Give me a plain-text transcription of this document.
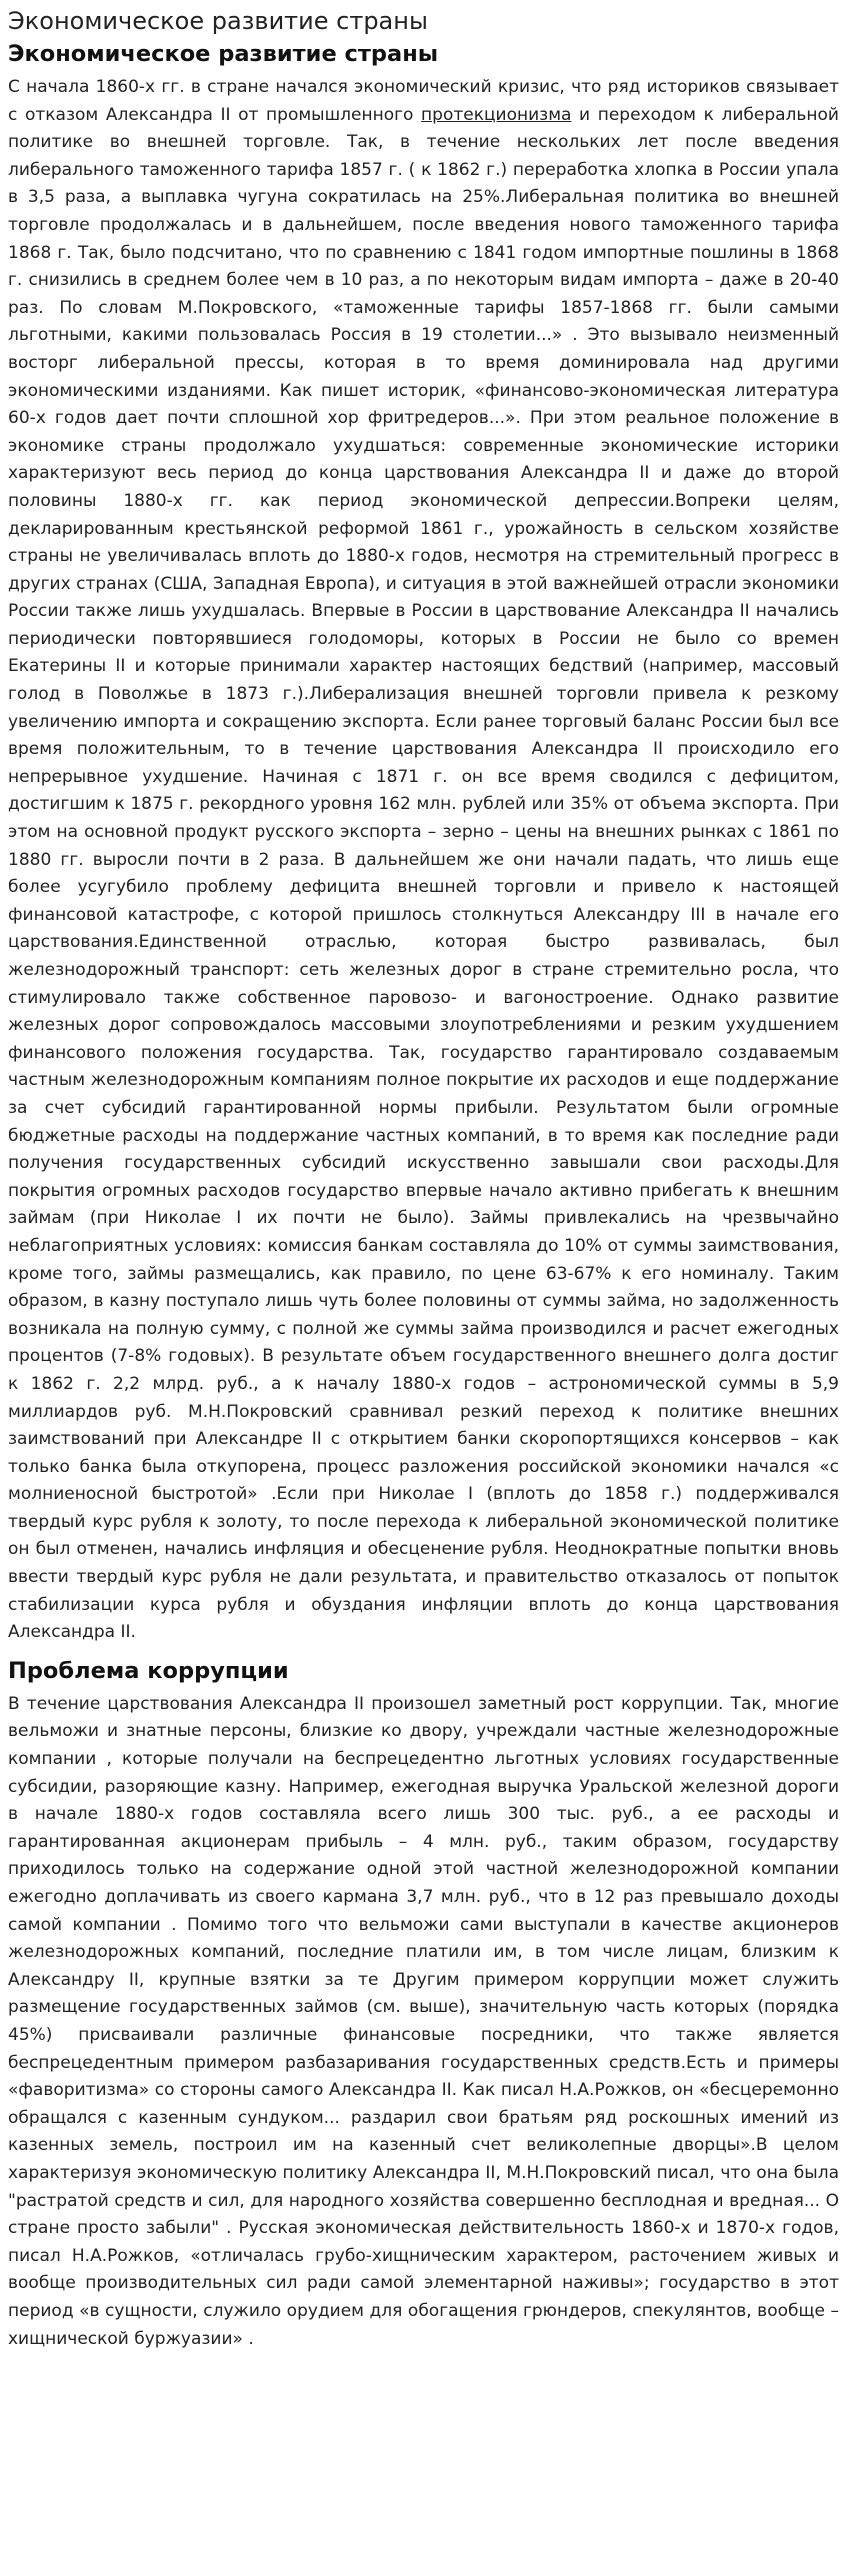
Экономическое развитие страны
Экономическое развитие страны

С начала 1860-х гг. в стране начался экономический кризис, что ряд историков связывает с отказом Александра II от промышленного протекционизма и переходом к либеральной политике во внешней торговле. Так, в течение нескольких лет после введения либерального таможенного тарифа 1857 г. ( к 1862 г.) переработка хлопка в России упала в 3,5 раза, а выплавка чугуна сократилась на 25%.Либеральная политика во внешней торговле продолжалась и в дальнейшем, после введения нового таможенного тарифа 1868 г. Так, было подсчитано, что по сравнению с 1841 годом импортные пошлины в 1868 г. снизились в среднем более чем в 10 раз, а по некоторым видам импорта – даже в 20-40 раз. По словам М.Покровского, «таможенные тарифы 1857-1868 гг. были самыми льготными, какими пользовалась Россия в 19 столетии...» . Это вызывало неизменный восторг либеральной прессы, которая в то время доминировала над другими экономическими изданиями. Как пишет историк, «финансово-экономическая литература 60-х годов дает почти сплошной хор фритредеров...». При этом реальное положение в экономике страны продолжало ухудшаться: современные экономические историки характеризуют весь период до конца царствования Александра II и даже до второй половины 1880-х гг. как период экономической депрессии.Вопреки целям, декларированным крестьянской реформой 1861 г., урожайность в сельском хозяйстве страны не увеличивалась вплоть до 1880-х годов, несмотря на стремительный прогресс в других странах (США, Западная Европа), и ситуация в этой важнейшей отрасли экономики России также лишь ухудшалась. Впервые в России в царствование Александра II начались периодически повторявшиеся голодоморы, которых в России не было со времен Екатерины II и которые принимали характер настоящих бедствий (например, массовый голод в Поволжье в 1873 г.).Либерализация внешней торговли привела к резкому увеличению импорта и сокращению экспорта. Если ранее торговый баланс России был все время положительным, то в течение царствования Александра II происходило его непрерывное ухудшение. Начиная с 1871 г. он все время сводился с дефицитом, достигшим к 1875 г. рекордного уровня 162 млн. рублей или 35% от объема экспорта. При этом на основной продукт русского экспорта – зерно – цены на внешних рынках с 1861 по 1880 гг. выросли почти в 2 раза. В дальнейшем же они начали падать, что лишь еще более усугубило проблему дефицита внешней торговли и привело к настоящей финансовой катастрофе, с которой пришлось столкнуться Александру III в начале его царствования.Единственной отраслью, которая быстро развивалась, был железнодорожный транспорт: сеть железных дорог в стране стремительно росла, что стимулировало также собственное паровозо- и вагоностроение. Однако развитие железных дорог сопровождалось массовыми злоупотреблениями и резким ухудшением финансового положения государства. Так, государство гарантировало создаваемым частным железнодорожным компаниям полное покрытие их расходов и еще поддержание за счет субсидий гарантированной нормы прибыли. Результатом были огромные бюджетные расходы на поддержание частных компаний, в то время как последние ради получения государственных субсидий искусственно завышали свои расходы.Для покрытия огромных расходов государство впервые начало активно прибегать к внешним займам (при Николае I их почти не было). Займы привлекались на чрезвычайно неблагоприятных условиях: комиссия банкам составляла до 10% от суммы заимствования, кроме того, займы размещались, как правило, по цене 63-67% к его номиналу. Таким образом, в казну поступало лишь чуть более половины от суммы займа, но задолженность возникала на полную сумму, с полной же суммы займа производился и расчет ежегодных процентов (7-8% годовых). В результате объем государственного внешнего долга достиг к 1862 г. 2,2 млрд. руб., а к началу 1880-х годов – астрономической суммы в 5,9 миллиардов руб. М.Н.Покровский сравнивал резкий переход к политике внешних заимствований при Александре II с открытием банки скоропортящихся консервов – как только банка была откупорена, процесс разложения российской экономики начался «с молниеносной быстротой» .Если при Николае I (вплоть до 1858 г.) поддерживался твердый курс рубля к золоту, то после перехода к либеральной экономической политике он был отменен, начались инфляция и обесценение рубля. Неоднократные попытки вновь ввести твердый курс рубля не дали результата, и правительство отказалось от попыток стабилизации курса рубля и обуздания инфляции вплоть до конца царствования Александра II.

Проблема коррупции

В течение царствования Александра II произошел заметный рост коррупции. Так, многие вельможи и знатные персоны, близкие ко двору, учреждали частные железнодорожные компании , которые получали на беспрецедентно льготных условиях государственные субсидии, разоряющие казну. Например, ежегодная выручка Уральской железной дороги в начале 1880-х годов составляла всего лишь 300 тыс. руб., а ее расходы и гарантированная акционерам прибыль – 4 млн. руб., таким образом, государству приходилось только на содержание одной этой частной железнодорожной компании ежегодно доплачивать из своего кармана 3,7 млн. руб., что в 12 раз превышало доходы самой компании . Помимо того что вельможи сами выступали в качестве акционеров железнодорожных компаний, последние платили им, в том числе лицам, близким к Александру II, крупные взятки за те Другим примером коррупции может служить размещение государственных займов (см. выше), значительную часть которых (порядка 45%) присваивали различные финансовые посредники, что также является беспрецедентным примером разбазаривания государственных средств.Есть и примеры «фаворитизма» со стороны самого Александра II. Как писал Н.А.Рожков, он «бесцеремонно обращался с казенным сундуком... раздарил свои братьям ряд роскошных имений из казенных земель, построил им на казенный счет великолепные дворцы».В целом характеризуя экономическую политику Александра II, М.Н.Покровский писал, что она была "растратой средств и сил, для народного хозяйства совершенно бесплодная и вредная... О стране просто забыли" . Русская экономическая действительность 1860-х и 1870-х годов, писал Н.А.Рожков, «отличалась грубо-хищническим характером, расточением живых и вообще производительных сил ради самой элементарной наживы»; государство в этот период «в сущности, служило орудием для обогащения грюндеров, спекулянтов, вообще – хищнической буржуазии» .
